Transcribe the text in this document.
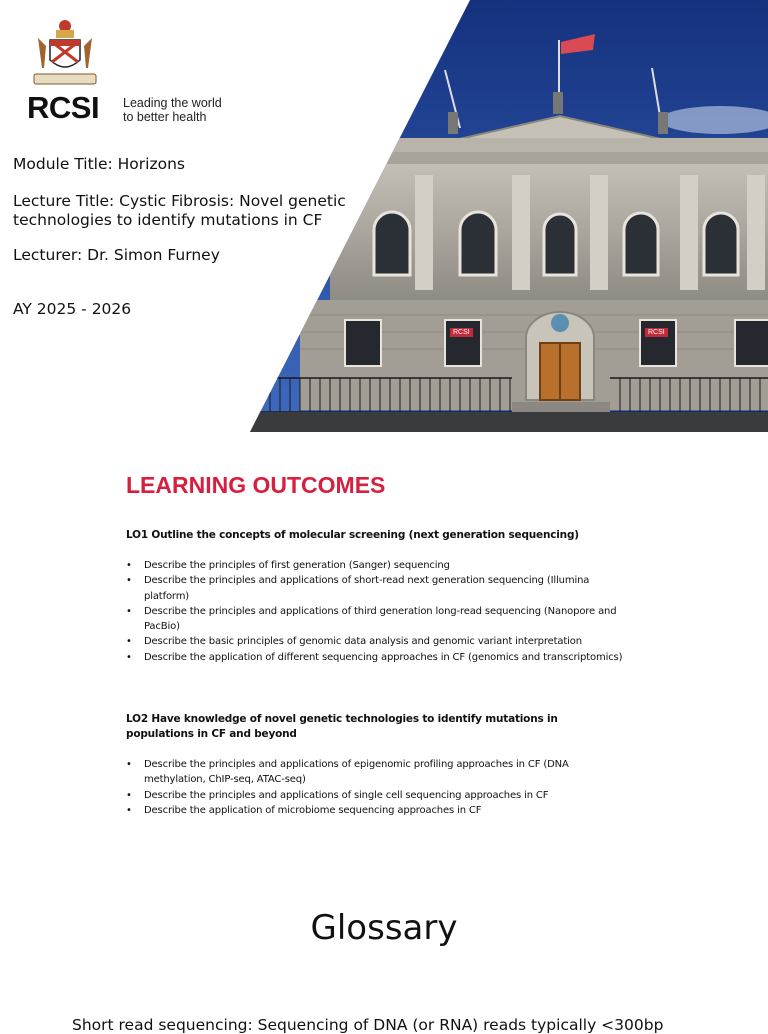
RCSI	RCSI
RCSI Leading the world
to better health
Module Title: Horizons
Lecture Title: Cystic Fibrosis: Novel genetic
technologies to identify mutations in CF
Lecturer: Dr. Simon Furney
AY 2025 - 2026
LEARNING OUTCOMES
LO1 Outline the concepts of molecular screening (next generation sequencing)
• Describe the principles of first generation (Sanger) sequencing
• Describe the principles and applications of short-read next generation sequencing (Illumina platform)
• Describe the principles and applications of third generation long-read sequencing (Nanopore and PacBio)
• Describe the basic principles of genomic data analysis and genomic variant interpretation
• Describe the application of different sequencing approaches in CF (genomics and transcriptomics)
LO2 Have knowledge of novel genetic technologies to identify mutations in populations in CF and beyond
• Describe the principles and applications of epigenomic profiling approaches in CF (DNA methylation, ChIP-seq, ATAC-seq)
• Describe the principles and applications of single cell sequencing approaches in CF
• Describe the application of microbiome sequencing approaches in CF
Glossary
Short read sequencing: Sequencing of DNA (or RNA) reads typically <300bp
